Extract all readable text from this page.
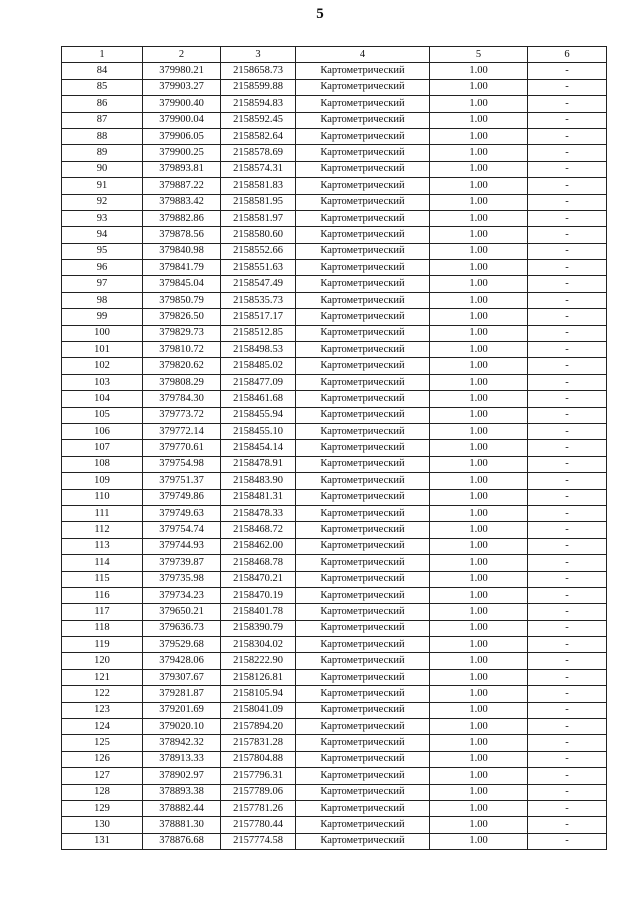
5
1	2	3	4	5	6
84	379980.21	2158658.73	Картометрический	1.00	-
85	379903.27	2158599.88	Картометрический	1.00	-
86	379900.40	2158594.83	Картометрический	1.00	-
87	379900.04	2158592.45	Картометрический	1.00	-
88	379906.05	2158582.64	Картометрический	1.00	-
89	379900.25	2158578.69	Картометрический	1.00	-
90	379893.81	2158574.31	Картометрический	1.00	-
91	379887.22	2158581.83	Картометрический	1.00	-
92	379883.42	2158581.95	Картометрический	1.00	-
93	379882.86	2158581.97	Картометрический	1.00	-
94	379878.56	2158580.60	Картометрический	1.00	-
95	379840.98	2158552.66	Картометрический	1.00	-
96	379841.79	2158551.63	Картометрический	1.00	-
97	379845.04	2158547.49	Картометрический	1.00	-
98	379850.79	2158535.73	Картометрический	1.00	-
99	379826.50	2158517.17	Картометрический	1.00	-
100	379829.73	2158512.85	Картометрический	1.00	-
101	379810.72	2158498.53	Картометрический	1.00	-
102	379820.62	2158485.02	Картометрический	1.00	-
103	379808.29	2158477.09	Картометрический	1.00	-
104	379784.30	2158461.68	Картометрический	1.00	-
105	379773.72	2158455.94	Картометрический	1.00	-
106	379772.14	2158455.10	Картометрический	1.00	-
107	379770.61	2158454.14	Картометрический	1.00	-
108	379754.98	2158478.91	Картометрический	1.00	-
109	379751.37	2158483.90	Картометрический	1.00	-
110	379749.86	2158481.31	Картометрический	1.00	-
111	379749.63	2158478.33	Картометрический	1.00	-
112	379754.74	2158468.72	Картометрический	1.00	-
113	379744.93	2158462.00	Картометрический	1.00	-
114	379739.87	2158468.78	Картометрический	1.00	-
115	379735.98	2158470.21	Картометрический	1.00	-
116	379734.23	2158470.19	Картометрический	1.00	-
117	379650.21	2158401.78	Картометрический	1.00	-
118	379636.73	2158390.79	Картометрический	1.00	-
119	379529.68	2158304.02	Картометрический	1.00	-
120	379428.06	2158222.90	Картометрический	1.00	-
121	379307.67	2158126.81	Картометрический	1.00	-
122	379281.87	2158105.94	Картометрический	1.00	-
123	379201.69	2158041.09	Картометрический	1.00	-
124	379020.10	2157894.20	Картометрический	1.00	-
125	378942.32	2157831.28	Картометрический	1.00	-
126	378913.33	2157804.88	Картометрический	1.00	-
127	378902.97	2157796.31	Картометрический	1.00	-
128	378893.38	2157789.06	Картометрический	1.00	-
129	378882.44	2157781.26	Картометрический	1.00	-
130	378881.30	2157780.44	Картометрический	1.00	-
131	378876.68	2157774.58	Картометрический	1.00	-
